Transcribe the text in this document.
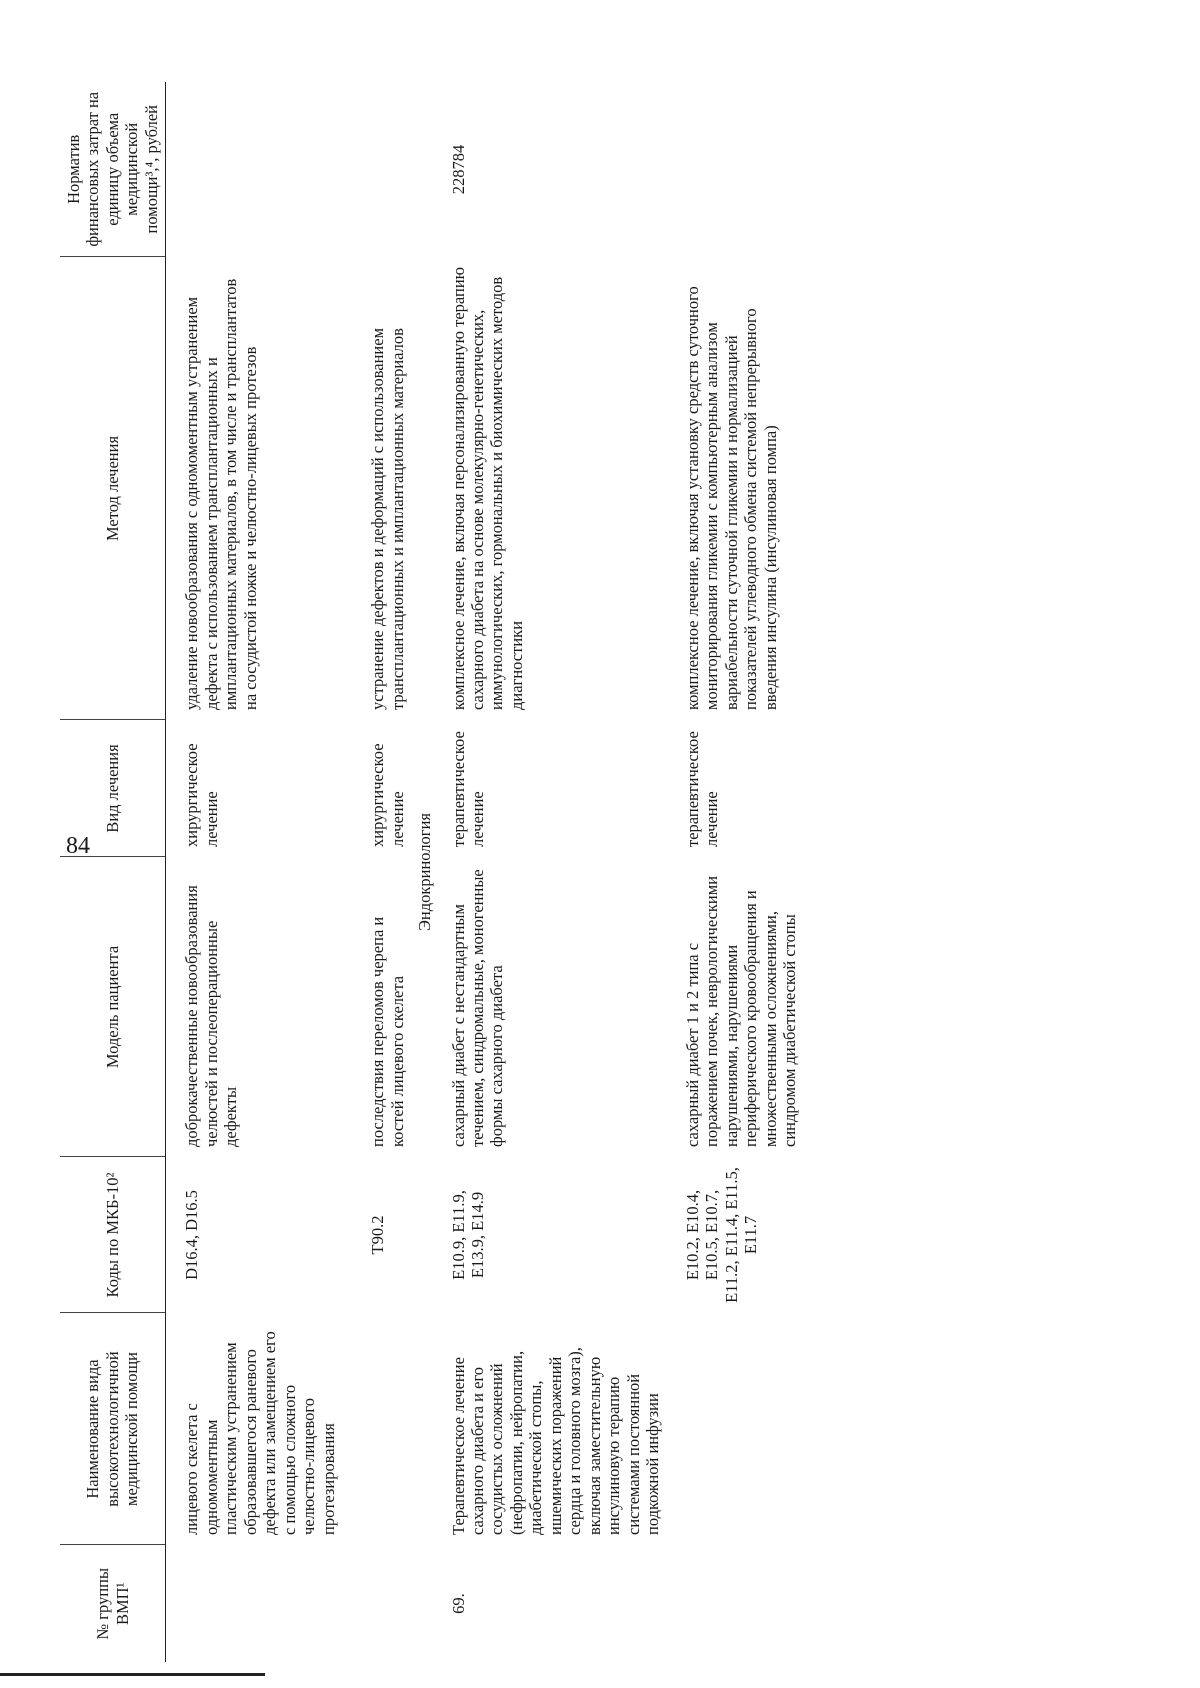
84
№ группы ВМП¹	Наименование вида высокотехнологичной медицинской помощи	Коды по МКБ-10²	Модель пациента	Вид лечения	Метод лечения	Норматив финансовых затрат на единицу объема медицинской помощи³,⁴, рублей
	лицевого скелета с одномоментным пластическим устранением образовавшегося раневого дефекта или замещением его с помощью сложного челюстно-лицевого протезирования	D16.4, D16.5	доброкачественные новообразования челюстей и послеоперационные дефекты	хирургическое лечение	удаление новообразования с одномоментным устранением дефекта с использованием трансплантационных и имплантационных материалов, в том числе и трансплантатов на сосудистой ножке и челюстно-лицевых протезов	
		T90.2	последствия переломов черепа и костей лицевого скелета	хирургическое лечение	устранение дефектов и деформаций с использованием трансплантационных и имплантационных материалов	
Эндокринология						
69.	Терапевтическое лечение сахарного диабета и его сосудистых осложнений (нефропатии, нейропатии, диабетической стопы, ишемических поражений сердца и головного мозга), включая заместительную инсулиновую терапию системами постоянной подкожной инфузии	E10.9, E11.9, E13.9, E14.9	сахарный диабет с нестандартным течением, синдромальные, моногенные формы сахарного диабета	терапевтическое лечение	комплексное лечение, включая персонализированную терапию сахарного диабета на основе молекулярно-генетических, иммунологических, гормональных и биохимических методов диагностики	228784
		E10.2, E10.4, E10.5, E10.7, E11.2, E11.4, E11.5, E11.7	сахарный диабет 1 и 2 типа с поражением почек, неврологическими нарушениями, нарушениями периферического кровообращения и множественными осложнениями, синдромом диабетической стопы	терапевтическое лечение	комплексное лечение, включая установку средств суточного мониторирования гликемии с компьютерным анализом вариабельности суточной гликемии и нормализацией показателей углеводного обмена системой непрерывного введения инсулина (инсулиновая помпа)	
